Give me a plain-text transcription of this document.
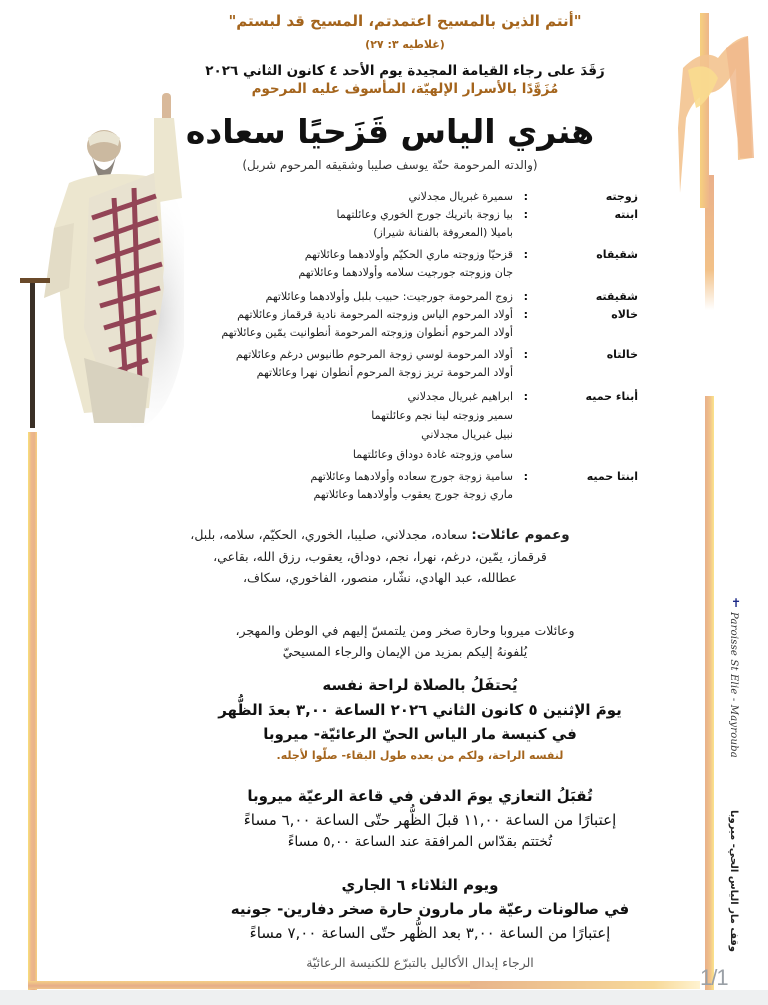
"أنتم الذين بالمسيح اعتمدتم، المسيح قد لبستم"
(غلاطيه ٣: ٢٧)
رَقَدَ على رجاء القيامة المجيدة يوم الأحد ٤ كانون الثاني ٢٠٢٦
مُزَوَّدًا بالأسرار الإلهيّة، المأسوف عليه المرحوم
هنري الياس قَزَحيًا سعاده
(والدته المرحومة حنّة يوسف صليبا وشقيقه المرحوم شربل)
زوجته
:
سميرة غبريال مجدلاني
ابنته
:
بيا زوجة باتريك جورج الخوري وعائلتهما
باميلا (المعروفة بالفنانة شيراز)
شقيقاه
:
قزحيّا وزوجته ماري الحكيّم وأولادهما وعائلاتهم
جان وزوجته جورجيت سلامه وأولادهما وعائلاتهم
شقيقته
:
زوج المرحومة جورجيت: حبيب بلبل وأولادهما وعائلاتهم
خالاه
:
أولاد المرحوم الياس وزوجته المرحومة نادية قرقماز وعائلاتهم
أولاد المرحوم أنطوان وزوجته المرحومة أنطوانيت يمّين وعائلاتهم
خالتاه
:
أولاد المرحومة لوسي زوجة المرحوم طانيوس درغم وعائلاتهم
أولاد المرحومة تريز زوجة المرحوم أنطوان نهرا وعائلاتهم
أبناء حميه
:
ابراهيم غبريال مجدلاني
سمير وزوجته لينا نجم وعائلتهما
نبيل غبريال مجدلاني
سامي وزوجته غادة دوداق وعائلتهما
ابنتا حميه
:
سامية زوجة جورج سعاده وأولادهما وعائلاتهم
ماري زوجة جورج يعقوب وأولادهما وعائلاتهم
وعموم عائلات: سعاده، مجدلاني، صليبا، الخوري، الحكيّم، سلامه، بلبل،
قرقماز، يمّين، درغم، نهرا، نجم، دوداق، يعقوب، رزق الله، بقاعي،
عطالله، عبد الهادي، نشّار، منصور، الفاخوري، سكاف،
وعائلات ميروبا وحارة صخر ومن يلتمسّ إليهم في الوطن والمهجر،
يُلفونهُ إليكم بمزيد من الإيمان والرجاء المسيحيّ
يُحتفَلُ بالصلاة لراحة نفسه
يومَ الإثنين ٥ كانون الثاني ٢٠٢٦ الساعة ٣,٠٠ بعدَ الظُّهر
في كنيسة مار الياس الحيّ الرعائيّة- ميروبا
لنفسه الراحة، ولكم من بعده طول البقاء- صلّوا لأجله.
تُقبَلُ التعازي يومَ الدفن في قاعة الرعيّة ميروبا
إعتبارًا من الساعة ١١,٠٠ قبلَ الظُّهر حتّى الساعة ٦,٠٠ مساءً
تُختتم بقدّاس المرافقة عند الساعة ٥,٠٠ مساءً
ويوم الثلاثاء ٦ الجاري
في صالونات رعيّة مار مارون حارة صخر دفارين- جونيه
إعتبارًا من الساعة ٣,٠٠ بعد الظُّهر حتّى الساعة ٧,٠٠ مساءً
الرجاء إبدال الأكاليل بالتبرّع للكنيسة الرعائيّة
✝
Paroisse St Elie - Mayrouba
وقف مار الياس الحي- ميروبا
1/1
